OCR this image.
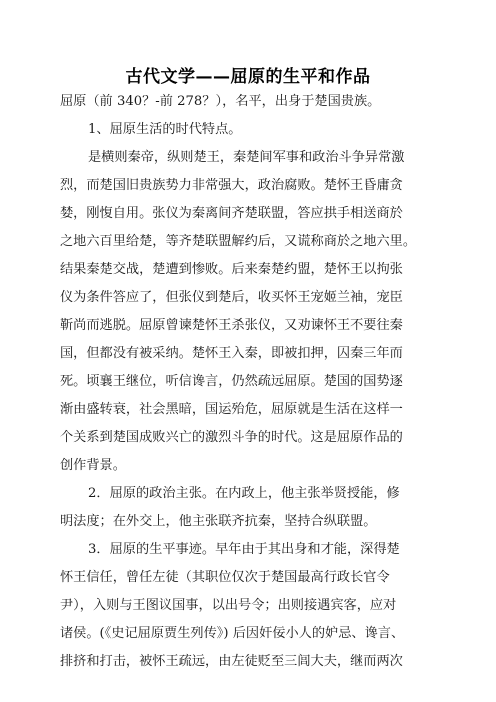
古代文学——屈原的生平和作品
屈原（前 340？-前 278？），名平，出身于楚国贵族。
1、屈原生活的时代特点。
是横则秦帝，纵则楚王，秦楚间军事和政治斗争异常激
烈，而楚国旧贵族势力非常强大，政治腐败。楚怀王昏庸贪
婪，刚愎自用。张仪为秦离间齐楚联盟，答应拱手相送商於
之地六百里给楚，等齐楚联盟解约后，又谎称商於之地六里。
结果秦楚交战，楚遭到惨败。后来秦楚约盟，楚怀王以拘张
仪为条件答应了，但张仪到楚后，收买怀王宠姬兰袖，宠臣
靳尚而逃脱。屈原曾谏楚怀王杀张仪，又劝谏怀王不要往秦
国，但都没有被采纳。楚怀王入秦，即被扣押，囚秦三年而
死。顷襄王继位，听信谗言，仍然疏远屈原。楚国的国势逐
渐由盛转衰，社会黑暗，国运殆危，屈原就是生活在这样一
个关系到楚国成败兴亡的激烈斗争的时代。这是屈原作品的
创作背景。
2．屈原的政治主张。在内政上，他主张举贤授能，修
明法度；在外交上，他主张联齐抗秦，坚持合纵联盟。
3．屈原的生平事迹。早年由于其出身和才能，深得楚
怀王信任，曾任左徒（其职位仅次于楚国最高行政长官令
尹），入则与王图议国事，以出号令；出则接遇宾客，应对
诸侯。(《史记屈原贾生列传》) 后因奸佞小人的妒忌、谗言、
排挤和打击，被怀王疏远，由左徒贬至三闾大夫，继而两次
